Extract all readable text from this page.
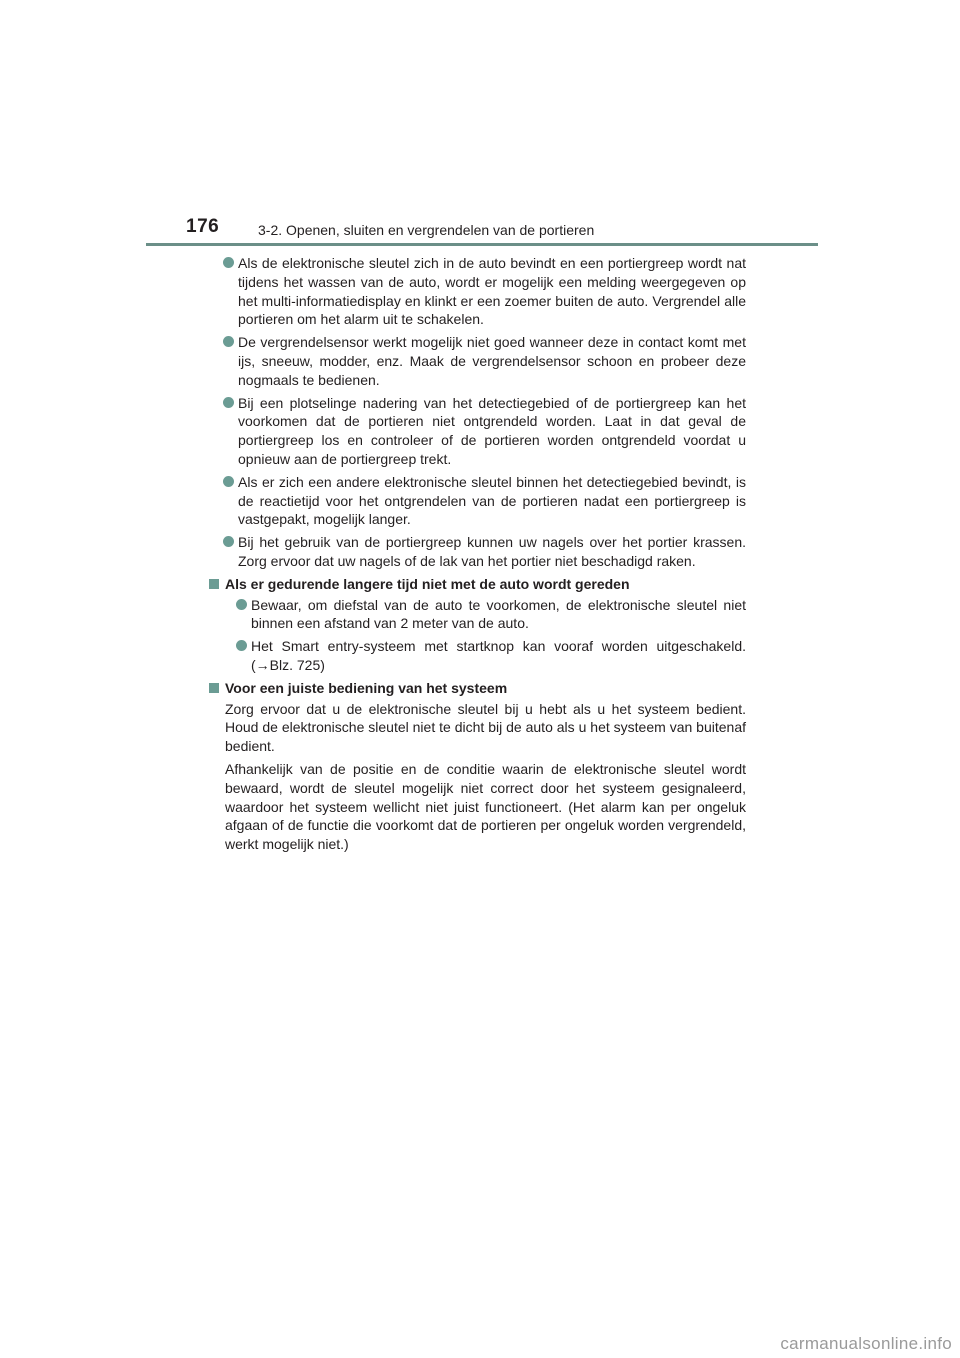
176	3-2. Openen, sluiten en vergrendelen van de portieren
Als de elektronische sleutel zich in de auto bevindt en een portiergreep wordt nat tijdens het wassen van de auto, wordt er mogelijk een melding weergegeven op het multi-informatiedisplay en klinkt er een zoemer buiten de auto. Vergrendel alle portieren om het alarm uit te schakelen.
De vergrendelsensor werkt mogelijk niet goed wanneer deze in contact komt met ijs, sneeuw, modder, enz. Maak de vergrendelsensor schoon en probeer deze nogmaals te bedienen.
Bij een plotselinge nadering van het detectiegebied of de portiergreep kan het voorkomen dat de portieren niet ontgrendeld worden. Laat in dat geval de portiergreep los en controleer of de portieren worden ontgrendeld voordat u opnieuw aan de portiergreep trekt.
Als er zich een andere elektronische sleutel binnen het detectiegebied bevindt, is de reactietijd voor het ontgrendelen van de portieren nadat een portiergreep is vastgepakt, mogelijk langer.
Bij het gebruik van de portiergreep kunnen uw nagels over het portier krassen. Zorg ervoor dat uw nagels of de lak van het portier niet beschadigd raken.
Als er gedurende langere tijd niet met de auto wordt gereden
Bewaar, om diefstal van de auto te voorkomen, de elektronische sleutel niet binnen een afstand van 2 meter van de auto.
Het Smart entry-systeem met startknop kan vooraf worden uitgeschakeld. (→Blz. 725)
Voor een juiste bediening van het systeem
Zorg ervoor dat u de elektronische sleutel bij u hebt als u het systeem bedient. Houd de elektronische sleutel niet te dicht bij de auto als u het systeem van buitenaf bedient.
Afhankelijk van de positie en de conditie waarin de elektronische sleutel wordt bewaard, wordt de sleutel mogelijk niet correct door het systeem gesignaleerd, waardoor het systeem wellicht niet juist functioneert. (Het alarm kan per ongeluk afgaan of de functie die voorkomt dat de portieren per ongeluk worden vergrendeld, werkt mogelijk niet.)
carmanualsonline.info
